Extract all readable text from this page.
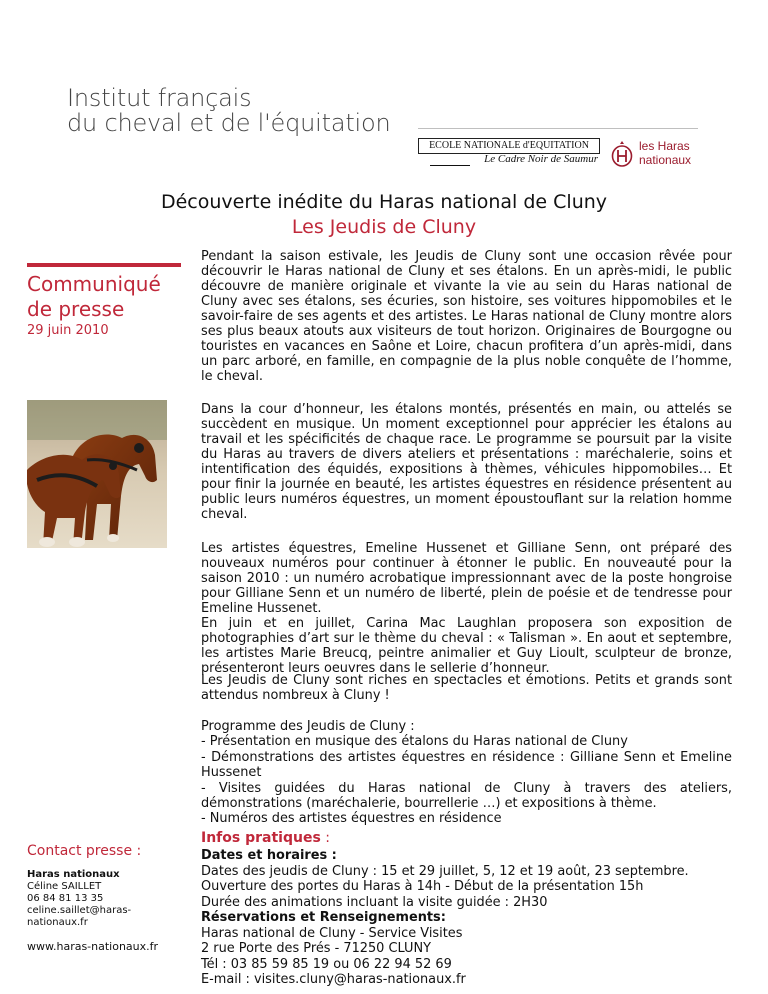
Institut français
du cheval et de l'équitation
ECOLE NATIONALE d'EQUITATION
Le Cadre Noir de Saumur
les Haras
nationaux
Découverte inédite du Haras national de Cluny
Les Jeudis de Cluny
Communiqué
de presse
29 juin 2010
Contact presse :
Haras nationaux
Céline SAILLET
06 84 81 13 35
celine.saillet@haras-
nationaux.fr
www.haras-nationaux.fr

Pendant la saison estivale, les Jeudis de Cluny sont une occasion rêvée pour découvrir le Haras national de Cluny et ses étalons. En un après-midi, le public découvre de manière originale et vivante la vie au sein du Haras national de Cluny avec ses étalons, ses écuries, son histoire, ses voitures hippomobiles et le savoir-faire de ses agents et des artistes. Le Haras national de Cluny montre alors ses plus beaux atouts aux visiteurs de tout horizon. Originaires de Bourgogne ou touristes en vacances en Saône et Loire, chacun profitera d’un après-midi, dans un parc arboré, en famille, en compagnie de la plus noble conquête de l’homme, le cheval.

Dans la cour d’honneur, les étalons montés, présentés en main, ou attelés se succèdent en musique. Un moment exceptionnel pour apprécier les étalons au travail et les spécificités de chaque race. Le programme se poursuit par la visite du Haras au travers de divers ateliers et présentations : maréchalerie, soins et intentification des équidés, expositions à thèmes, véhicules hippomobiles… Et pour finir la journée en beauté, les artistes équestres en résidence présentent au public leurs numéros équestres, un moment époustouflant sur la relation homme cheval.

Les artistes équestres, Emeline Hussenet et Gilliane Senn, ont préparé des nouveaux numéros pour continuer à étonner le public. En nouveauté pour la saison 2010 : un numéro acrobatique impressionnant avec de la poste hongroise pour Gilliane Senn et un numéro de liberté, plein de poésie et de tendresse pour Emeline Hussenet.
En juin et en juillet, Carina Mac Laughlan proposera son exposition de photographies d’art sur le thème du cheval : « Talisman ». En aout et septembre, les artistes Marie Breucq, peintre animalier et Guy Lioult, sculpteur de bronze, présenteront leurs oeuvres dans le sellerie d’honneur.

Les Jeudis de Cluny sont riches en spectacles et émotions. Petits et grands sont attendus nombreux à Cluny !

Programme des Jeudis de Cluny :
- Présentation en musique des étalons du Haras national de Cluny
- Démonstrations des artistes équestres en résidence : Gilliane Senn et Emeline Hussenet
- Visites guidées du Haras national de Cluny à travers des ateliers, démonstrations (maréchalerie, bourrellerie …) et expositions à thème.
- Numéros des artistes équestres en résidence
Infos pratiques :
Dates et horaires :
Dates des jeudis de Cluny : 15 et 29 juillet, 5, 12 et 19 août, 23 septembre.
Ouverture des portes du Haras à 14h - Début de la présentation 15h
Durée des animations incluant la visite guidée : 2H30
Réservations et Renseignements:
Haras national de Cluny - Service Visites
2 rue Porte des Prés - 71250 CLUNY
Tél : 03 85 59 85 19 ou 06 22 94 52 69
E-mail : visites.cluny@haras-nationaux.fr
